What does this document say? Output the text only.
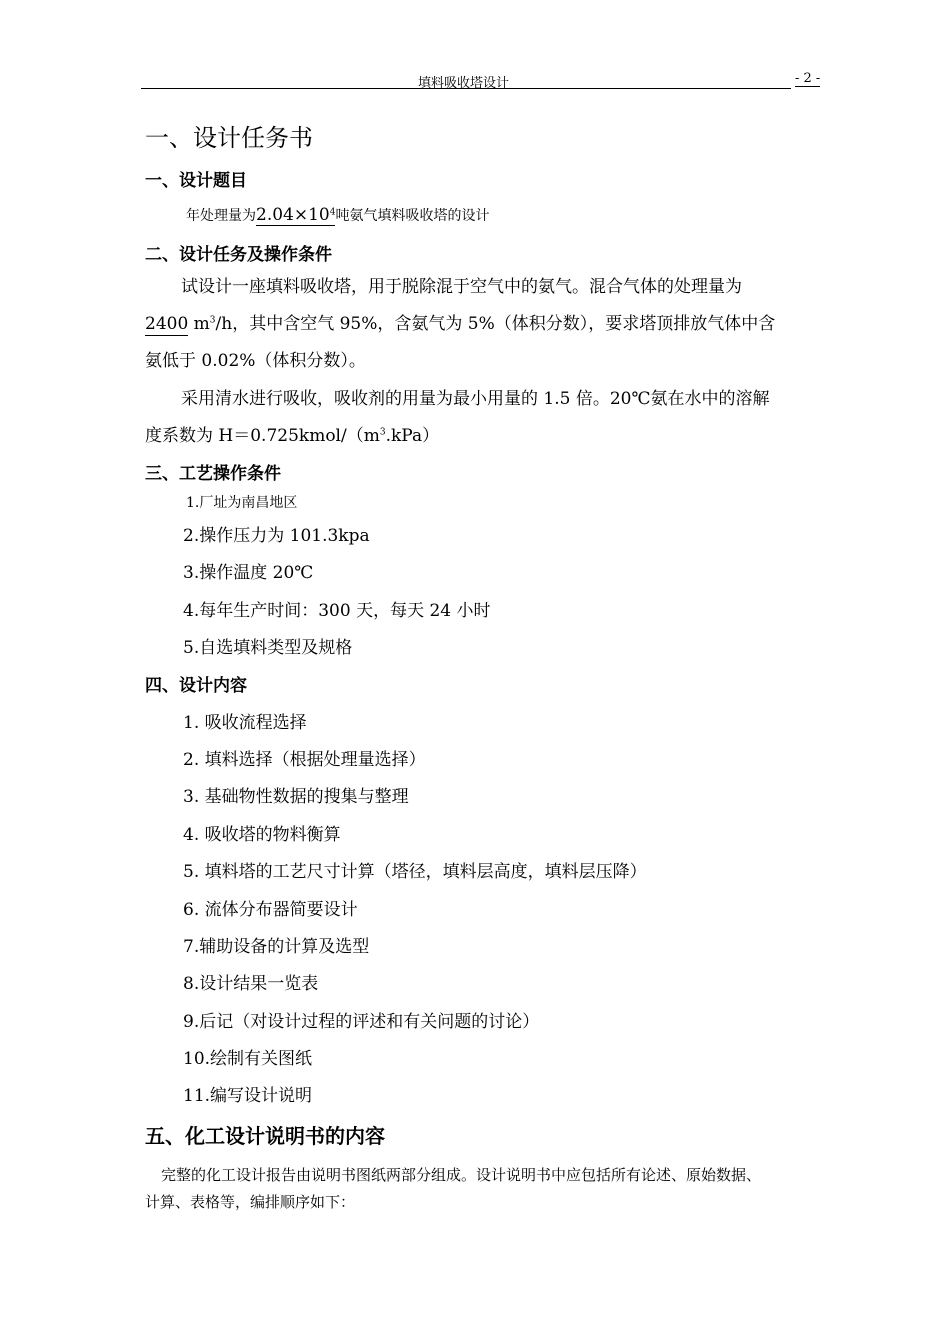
填料吸收塔设计	- 2 -
一、设计任务书
一、设计题目
年处理量为$2.04\times 10^4$吨氨气填料吸收塔的设计
二、设计任务及操作条件
试设计一座填料吸收塔，用于脱除混于空气中的氨气。混合气体的处理量为
2400 $m^3/h$，其中含空气 95%，含氨气为 5%（体积分数），要求塔顶排放气体中含
氨低于 0.02%（体积分数）。
采用清水进行吸收，吸收剂的用量为最小用量的 1.5 倍。20℃氨在水中的溶解
度系数为 $H=0.725kmol/(m^3.kPa)$
三、工艺操作条件
1.厂址为南昌地区
2.操作压力为 101.3kpa
3.操作温度 20℃
4.每年生产时间：300 天，每天 24 小时
5.自选填料类型及规格
四、设计内容
1. 吸收流程选择
2. 填料选择（根据处理量选择）
3. 基础物性数据的搜集与整理
4. 吸收塔的物料衡算
5. 填料塔的工艺尺寸计算（塔径，填料层高度，填料层压降）
6. 流体分布器简要设计
7.辅助设备的计算及选型
8.设计结果一览表
9.后记（对设计过程的评述和有关问题的讨论）
10.绘制有关图纸
11.编写设计说明
五、化工设计说明书的内容
完整的化工设计报告由说明书图纸两部分组成。设计说明书中应包括所有论述、原始数据、
计算、表格等，编排顺序如下：
